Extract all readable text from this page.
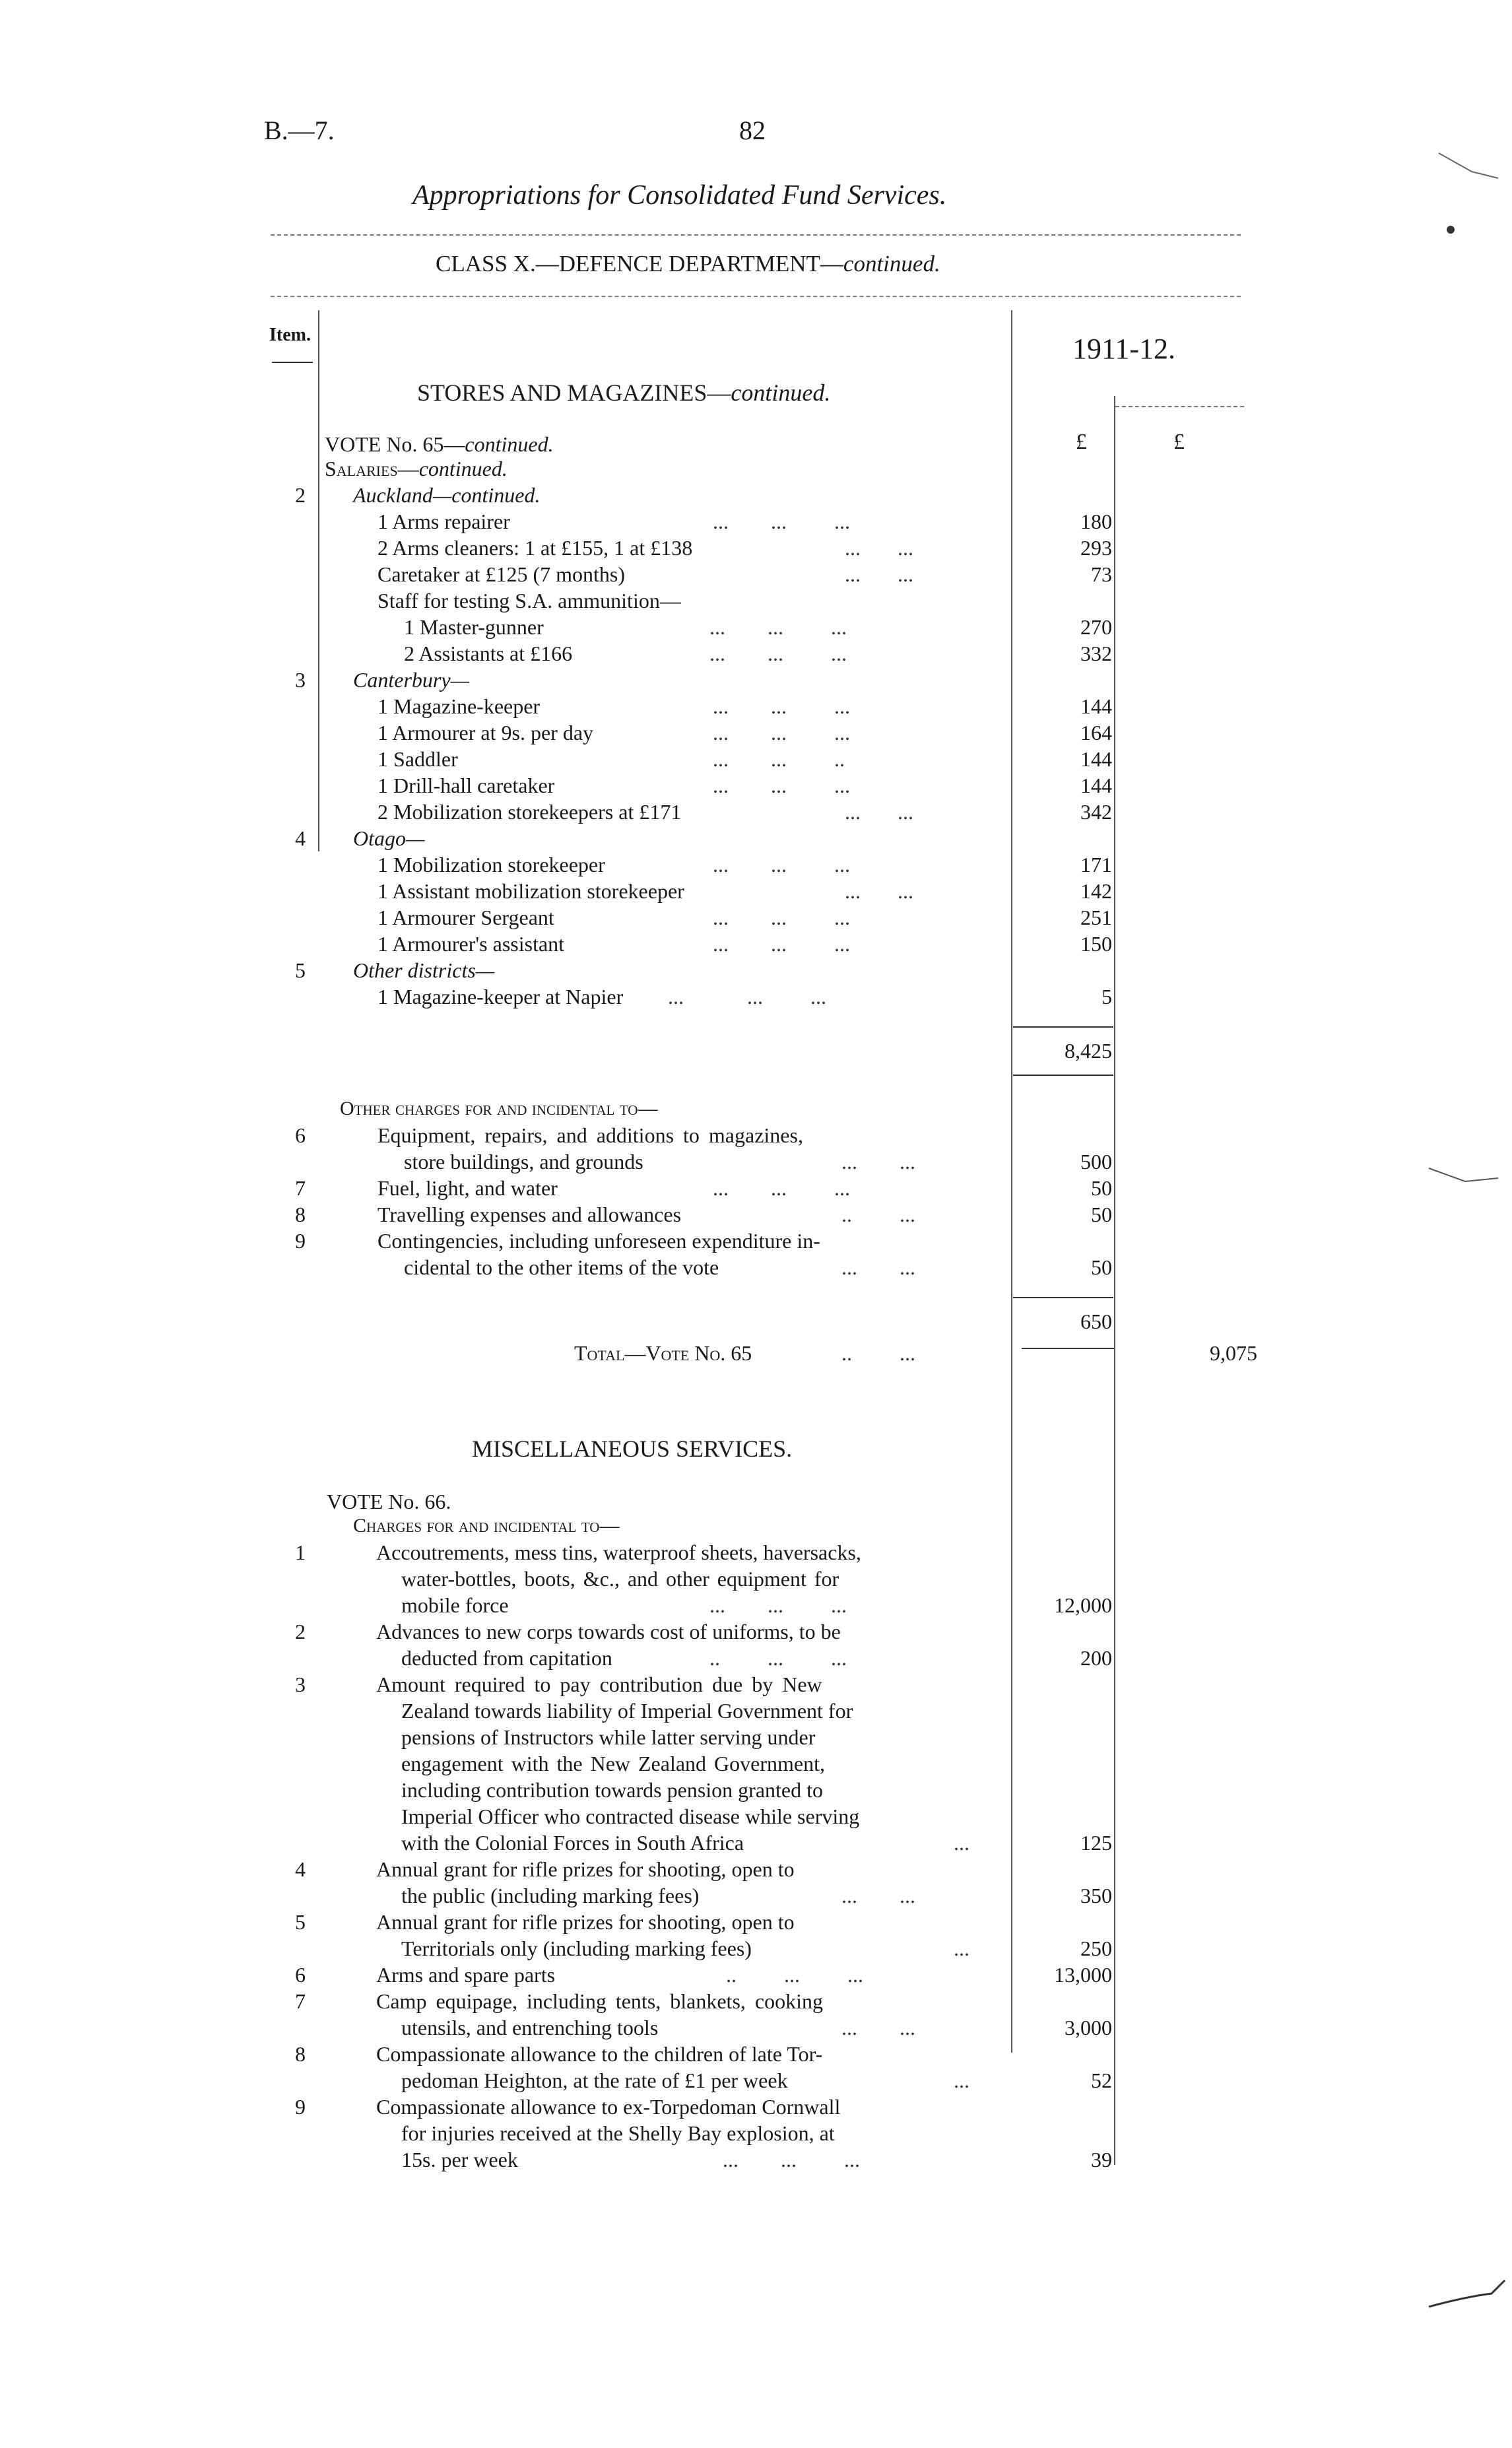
B.—7.	82
Appropriations for Consolidated Fund Services.
CLASS X.—DEFENCE DEPARTMENT—continued.
Item.	1911-12.
£	£
STORES AND MAGAZINES—continued.
VOTE No. 65—continued.
Salaries—continued.
2	Auckland—continued.
1 Arms repairer	...        ...         ...	180
2 Arms cleaners: 1 at £155, 1 at £138	...       ...	293
Caretaker at £125 (7 months)	...       ...	73
Staff for testing S.A. ammunition—
1 Master-gunner	...        ...         ...	270
2 Assistants at £166	...        ...         ...	332
3	Canterbury—
1 Magazine-keeper	...        ...         ...	144
1 Armourer at 9s. per day	...        ...         ...	164
1 Saddler	...        ...         ..	144
1 Drill-hall caretaker	...        ...         ...	144
2 Mobilization storekeepers at £171	...       ...	342
4	Otago—
1 Mobilization storekeeper	...        ...         ...	171
1 Assistant mobilization storekeeper	...       ...	142
1 Armourer Sergeant	...        ...         ...	251
1 Armourer's assistant	...        ...         ...	150
5	Other districts—
1 Magazine-keeper at Napier ...            ...         ...	5
8,425
Other charges for and incidental to—
6	Equipment, repairs, and additions to magazines,
store buildings, and grounds	...        ...	500
7	Fuel, light, and water	...        ...         ...	50
8	Travelling expenses and allowances	..         ...	50
9	Contingencies, including unforeseen expenditure in-
cidental to the other items of the vote	...        ...	50
650
Total—Vote No. 65	..         ...	9,075
MISCELLANEOUS SERVICES.
VOTE No. 66.
Charges for and incidental to—
1	Accoutrements, mess tins, waterproof sheets, haversacks,
water-bottles, boots, &c., and other equipment for
mobile force	...        ...         ...	12,000
2	Advances to new corps towards cost of uniforms, to be
deducted from capitation	..         ...         ...	200
3	Amount required to pay contribution due by New
Zealand towards liability of Imperial Government for
pensions of Instructors while latter serving under
engagement with the New Zealand Government,
including contribution towards pension granted to
Imperial Officer who contracted disease while serving
with the Colonial Forces in South Africa	...	125
4	Annual grant for rifle prizes for shooting, open to
the public (including marking fees)	...        ...	350
5	Annual grant for rifle prizes for shooting, open to
Territorials only (including marking fees)	...	250
6	Arms and spare parts	..         ...         ...	13,000
7	Camp equipage, including tents, blankets, cooking
utensils, and entrenching tools	...        ...	3,000
8	Compassionate allowance to the children of late Tor-
pedoman Heighton, at the rate of £1 per week	...	52
9	Compassionate allowance to ex-Torpedoman Cornwall
for injuries received at the Shelly Bay explosion, at
15s. per week	...        ...         ...	39
